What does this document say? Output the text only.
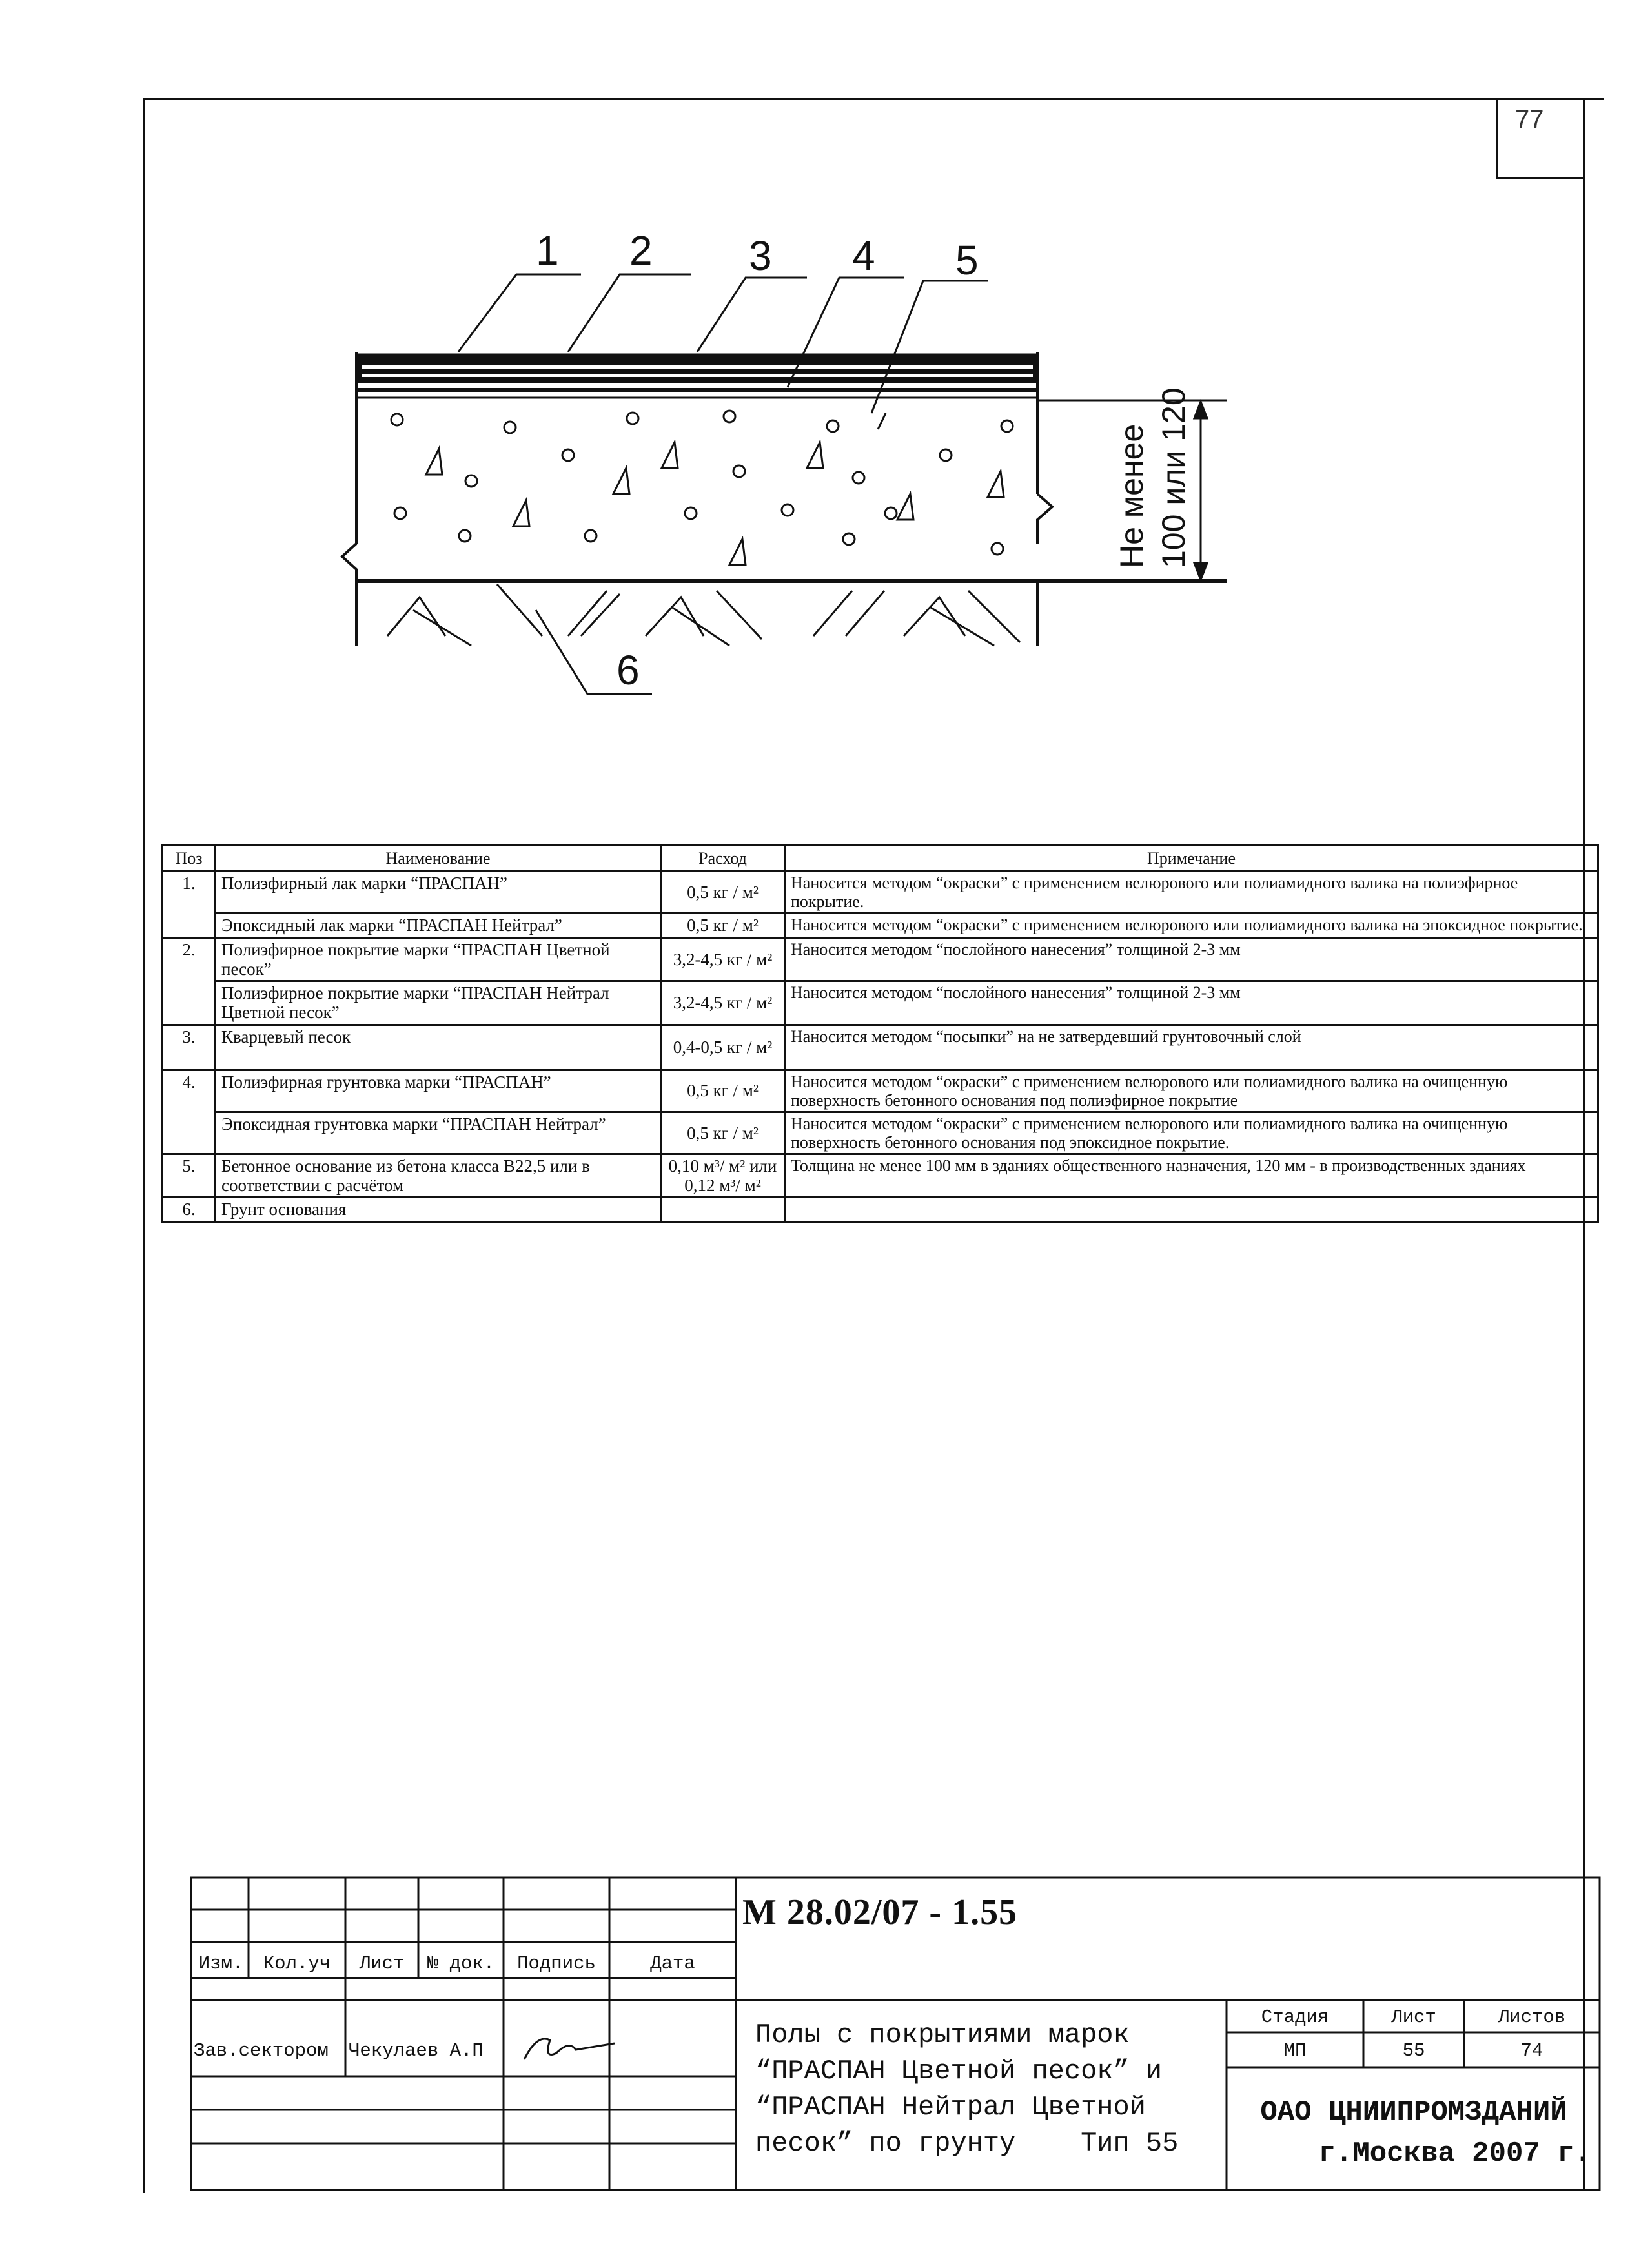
77
1 2 3 4 5
6
Не менее 100 или 120
Поз	Наименование	Расход	Примечание
1.	Полиэфирный лак марки “ПРАСПАН”	0,5 кг / м²	Наносится методом “окраски” с применением велюрового или полиамидного валика на полиэфирное покрытие.
	Эпоксидный лак марки “ПРАСПАН Нейтрал”	0,5 кг / м²	Наносится методом “окраски” с применением велюрового или полиамидного валика на эпоксидное покрытие.
2.	Полиэфирное покрытие марки “ПРАСПАН Цветной песок”	3,2-4,5 кг / м²	Наносится методом “послойного нанесения” толщиной 2-3 мм
	Полиэфирное покрытие марки “ПРАСПАН Нейтрал Цветной песок”	3,2-4,5 кг / м²	Наносится методом “послойного нанесения” толщиной 2-3 мм
3.	Кварцевый песок	0,4-0,5 кг / м²	Наносится методом “посыпки” на не затвердевший грунтовочный слой
4.	Полиэфирная грунтовка марки “ПРАСПАН”	0,5 кг / м²	Наносится методом “окраски” с применением велюрового или полиамидного валика на очищенную поверхность бетонного основания под полиэфирное покрытие
	Эпоксидная грунтовка марки “ПРАСПАН Нейтрал”	0,5 кг / м²	Наносится методом “окраски” с применением велюрового или полиамидного валика на очищенную поверхность бетонного основания под эпоксидное покрытие.
5.	Бетонное основание из бетона класса B22,5 или в соответствии с расчётом	0,10 м³/ м² или 0,12 м³/ м²	Толщина не менее 100 мм в зданиях общественного назначения, 120 мм - в производственных зданиях
6.	Грунт основания		
М 28.02/07 - 1.55
Изм.	Кол.уч	Лист	№ док.	Подпись	Дата
Зав.сектором	Чекулаев А.П
Полы с покрытиями марок
“ПРАСПАН Цветной песок” и
“ПРАСПАН Нейтрал Цветной
песок” по грунту    Тип 55
Стадия	Лист	Листов
МП	55	74
ОАО ЦНИИПРОМЗДАНИЙ
г.Москва 2007 г.
